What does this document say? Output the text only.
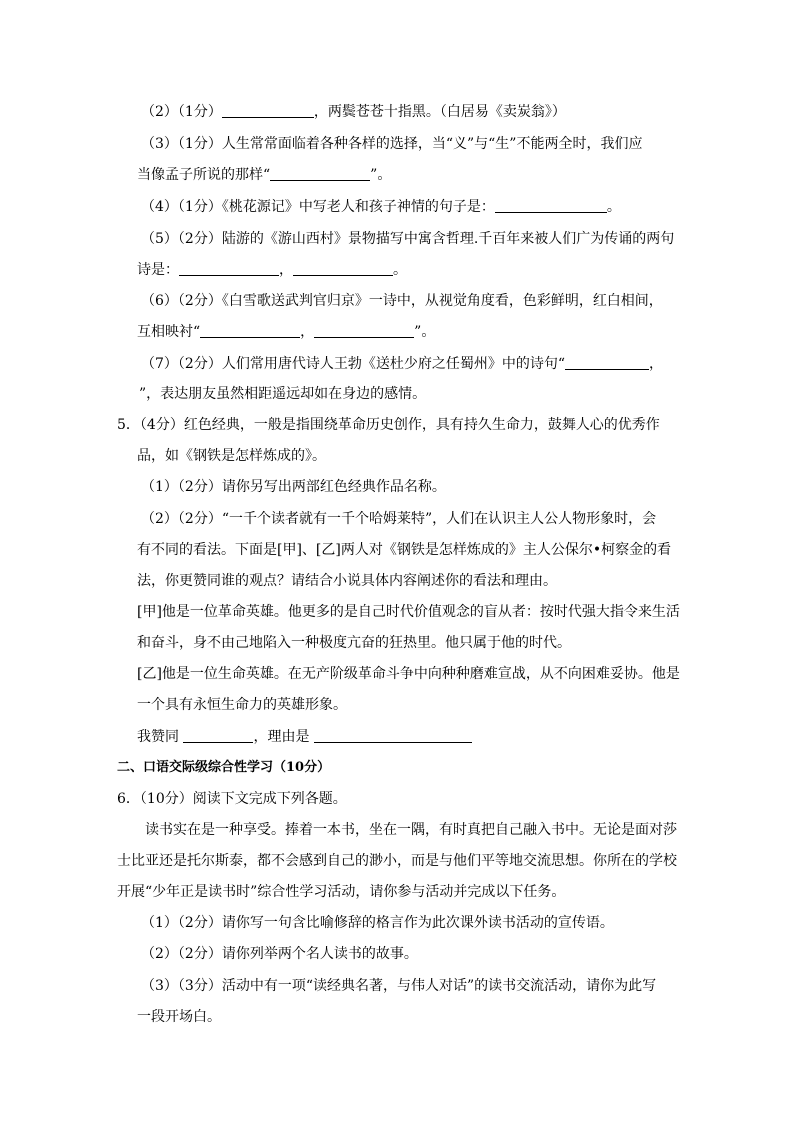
（2）（1分）	，两鬓苍苍十指黑。（白居易《卖炭翁》）
（3）（1分）人生常常面临着各种各样的选择，当“义”与“生”不能两全时，我们应
当像孟子所说的那样“	”。
（4）（1分）《桃花源记》中写老人和孩子神情的句子是：	。
（5）（2分）陆游的《游山西村》景物描写中寓含哲理.千百年来被人们广为传诵的两句
诗是：	，	。
（6）（2分）《白雪歌送武判官归京》一诗中，从视觉角度看，色彩鲜明，红白相间，
互相映衬“	，	”。
（7）（2分）人们常用唐代诗人王勃《送杜少府之任蜀州》中的诗句“	，
”，表达朋友虽然相距遥远却如在身边的感情。
5．（4分）红色经典，一般是指围绕革命历史创作，具有持久生命力，鼓舞人心的优秀作
品，如《钢铁是怎样炼成的》。
（1）（2分）请你另写出两部红色经典作品名称。
（2）（2分）“一千个读者就有一千个哈姆莱特”，人们在认识主人公人物形象时，会
有不同的看法。下面是[甲]、[乙]两人对《钢铁是怎样炼成的》主人公保尔•柯察金的看
法，你更赞同谁的观点？请结合小说具体内容阐述你的看法和理由。
[甲]他是一位革命英雄。他更多的是自己时代价值观念的盲从者：按时代强大指令来生活
和奋斗，身不由己地陷入一种极度亢奋的狂热里。他只属于他的时代。
[乙]他是一位生命英雄。在无产阶级革命斗争中向种种磨难宣战，从不向困难妥协。他是
一个具有永恒生命力的英雄形象。
我赞同	，理由是
二、口语交际级综合性学习（10分）
6．（10分）阅读下文完成下列各题。
读书实在是一种享受。捧着一本书，坐在一隅，有时真把自己融入书中。无论是面对莎
士比亚还是托尔斯泰，都不会感到自己的渺小，而是与他们平等地交流思想。你所在的学校
开展“少年正是读书时”综合性学习活动，请你参与活动并完成以下任务。
（1）（2分）请你写一句含比喻修辞的格言作为此次课外读书活动的宣传语。
（2）（2分）请你列举两个名人读书的故事。
（3）（3分）活动中有一项“读经典名著，与伟人对话”的读书交流活动，请你为此写
一段开场白。
